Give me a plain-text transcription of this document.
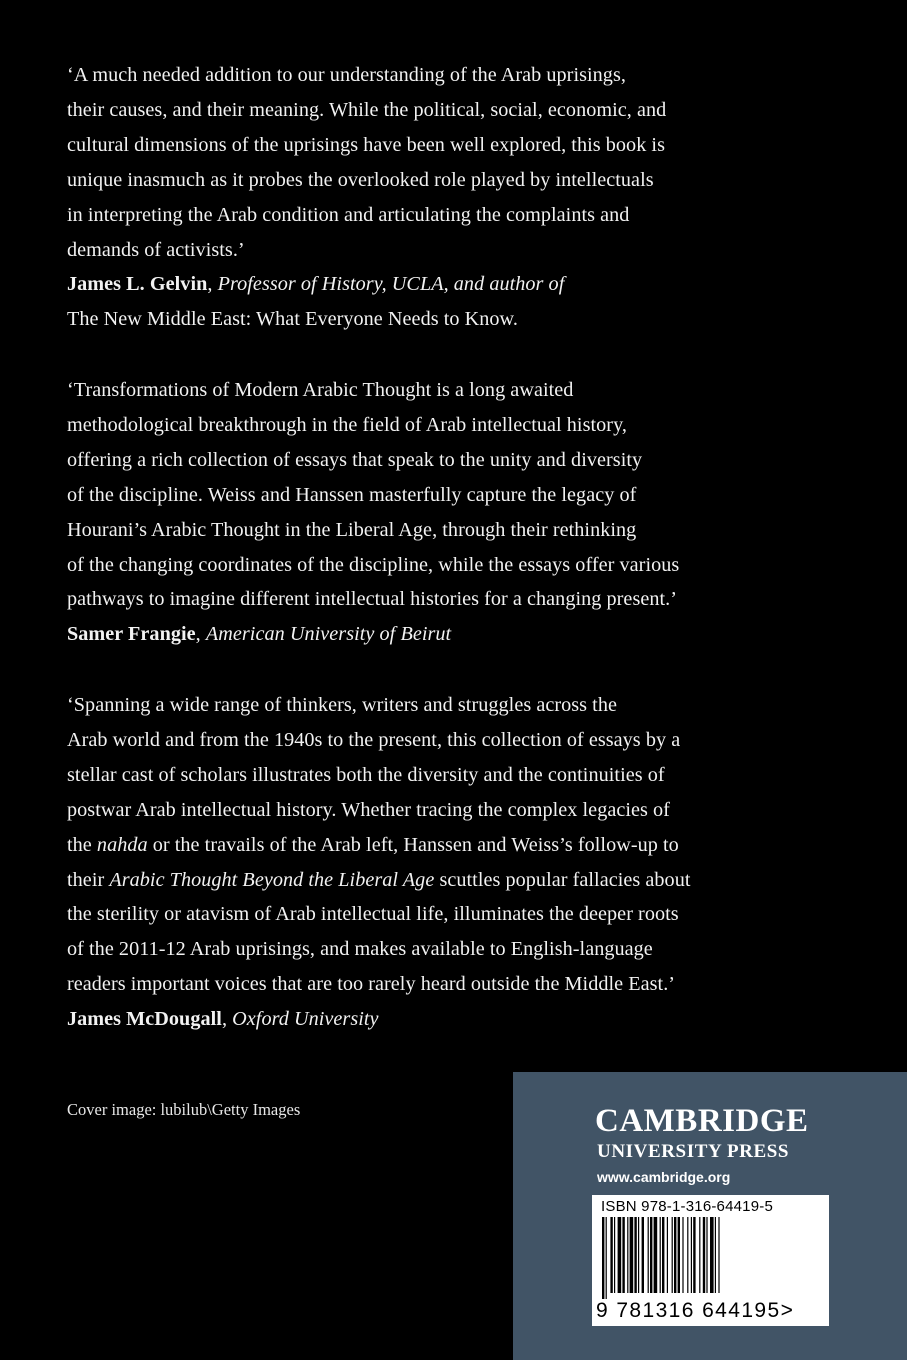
‘A much needed addition to our understanding of the Arab uprisings,
their causes, and their meaning. While the political, social, economic, and
cultural dimensions of the uprisings have been well explored, this book is
unique inasmuch as it probes the overlooked role played by intellectuals
in interpreting the Arab condition and articulating the complaints and
demands of activists.’
James L. Gelvin, Professor of History, UCLA, and author of
The New Middle East: What Everyone Needs to Know.
‘Transformations of Modern Arabic Thought is a long awaited
methodological breakthrough in the field of Arab intellectual history,
offering a rich collection of essays that speak to the unity and diversity
of the discipline. Weiss and Hanssen masterfully capture the legacy of
Hourani’s Arabic Thought in the Liberal Age, through their rethinking
of the changing coordinates of the discipline, while the essays offer various
pathways to imagine different intellectual histories for a changing present.’
Samer Frangie, American University of Beirut
‘Spanning a wide range of thinkers, writers and struggles across the
Arab world and from the 1940s to the present, this collection of essays by a
stellar cast of scholars illustrates both the diversity and the continuities of
postwar Arab intellectual history. Whether tracing the complex legacies of
the nahda or the travails of the Arab left, Hanssen and Weiss’s follow-up to
their Arabic Thought Beyond the Liberal Age scuttles popular fallacies about
the sterility or atavism of Arab intellectual life, illuminates the deeper roots
of the 2011-12 Arab uprisings, and makes available to English-language
readers important voices that are too rarely heard outside the Middle East.’
James McDougall, Oxford University
Cover image: lubilub\Getty Images	CAMBRIDGE
UNIVERSITY PRESS
www.cambridge.org
ISBN 978-1-316-64419-5
9 781316 644195>
